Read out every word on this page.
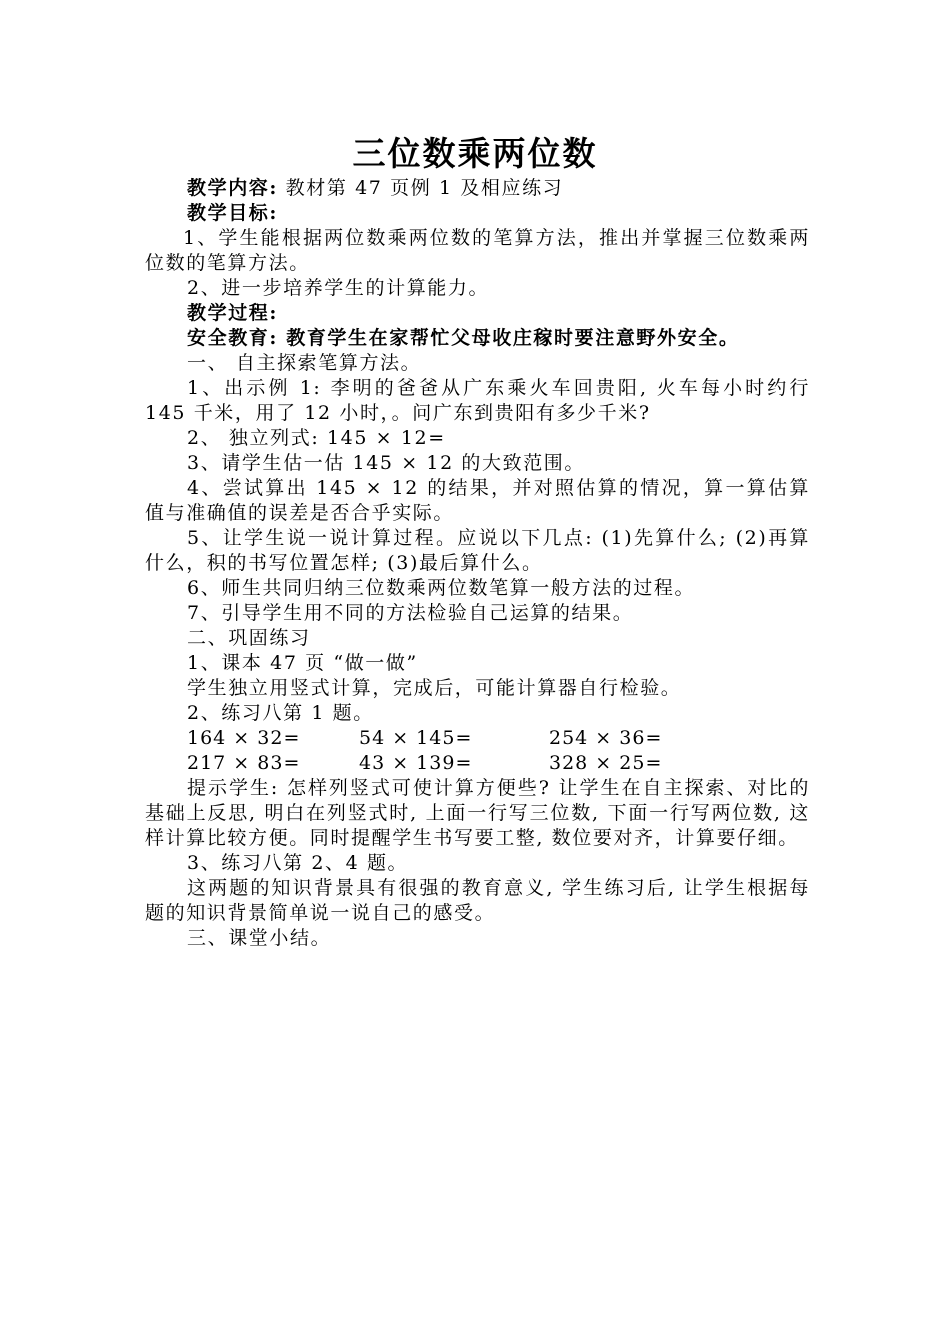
三位数乘两位数

教学内容: 教材第 47 页例 1 及相应练习

教学目标:

1、学生能根据两位数乘两位数的笔算方法，推出并掌握三位数乘两位数的笔算方法。

2、进一步培养学生的计算能力。

教学过程:

安全教育: 教育学生在家帮忙父母收庄稼时要注意野外安全。

一、 自主探索笔算方法。

1、出示例 1: 李明的爸爸从广东乘火车回贵阳, 火车每小时约行 145 千米，用了 12 小时，。问广东到贵阳有多少千米?

2、 独立列式: 145 × 12=

3、请学生估一估 145 × 12 的大致范围。

4、尝试算出 145 × 12 的结果，并对照估算的情况，算一算估算值与准确值的误差是否合乎实际。

5、让学生说一说计算过程。应说以下几点: (1)先算什么; (2)再算什么，积的书写位置怎样; (3)最后算什么。

6、师生共同归纳三位数乘两位数笔算一般方法的过程。

7、引导学生用不同的方法检验自己运算的结果。

二、巩固练习

1、课本 47 页 “做一做”

学生独立用竖式计算，完成后，可能计算器自行检验。

2、练习八第 1 题。

164 × 32=	54 × 145=	254 × 36=
217 × 83=	43 × 139=	328 × 25=

提示学生: 怎样列竖式可使计算方便些? 让学生在自主探索、对比的基础上反思, 明白在列竖式时, 上面一行写三位数, 下面一行写两位数, 这样计算比较方便。同时提醒学生书写要工整, 数位要对齐，计算要仔细。

3、练习八第 2、4 题。

这两题的知识背景具有很强的教育意义, 学生练习后, 让学生根据每题的知识背景简单说一说自己的感受。

三、课堂小结。
